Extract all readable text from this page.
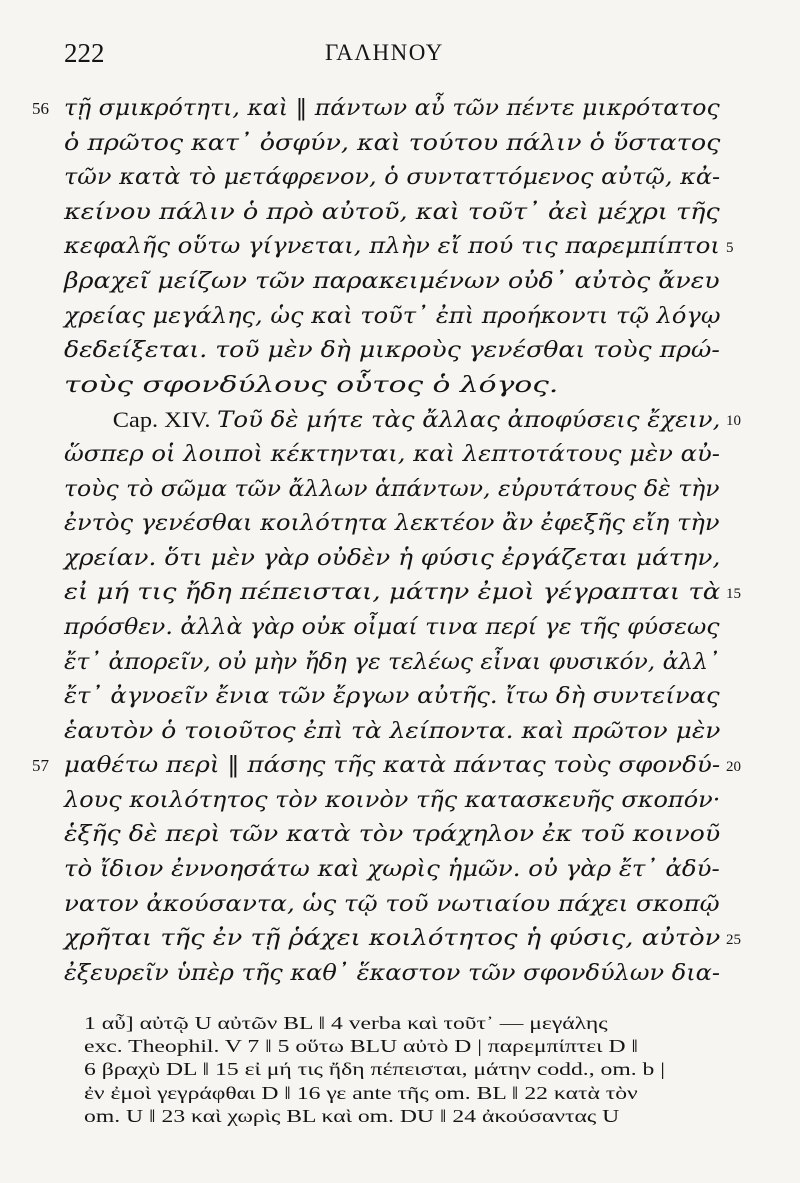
222	ΓΑΛΗΝΟΥ
56 τῇ σμικρότητι, καὶ ‖ πάντων αὖ τῶν πέντε μικρότατος
ὁ πρῶτος κατ᾽ ὀσφύν, καὶ τούτου πάλιν ὁ ὕστατος
τῶν κατὰ τὸ μετάφρενον, ὁ συνταττόμενος αὐτῷ, κἀ-
κείνου πάλιν ὁ πρὸ αὐτοῦ, καὶ τοῦτ᾽ ἀεὶ μέχρι τῆς
κεφαλῆς οὕτω γίγνεται, πλὴν εἴ πού τις παρεμπίπτοι 5
βραχεῖ μείζων τῶν παρακειμένων οὐδ᾽ αὐτὸς ἄνευ
χρείας μεγάλης, ὡς καὶ τοῦτ᾽ ἐπὶ προήκοντι τῷ λόγῳ
δεδείξεται. τοῦ μὲν δὴ μικροὺς γενέσθαι τοὺς πρώ-
τοὺς σφονδύλους οὗτος ὁ λόγος.
Cap. XIV. Τοῦ δὲ μήτε τὰς ἄλλας ἀποφύσεις ἔχειν, 10
ὥσπερ οἱ λοιποὶ κέκτηνται, καὶ λεπτοτάτους μὲν αὐ-
τοὺς τὸ σῶμα τῶν ἄλλων ἁπάντων, εὐρυτάτους δὲ τὴν
ἐντὸς γενέσθαι κοιλότητα λεκτέον ἂν ἐφεξῆς εἴη τὴν
χρείαν. ὅτι μὲν γὰρ οὐδὲν ἡ φύσις ἐργάζεται μάτην,
εἰ μή τις ἤδη πέπεισται, μάτην ἐμοὶ γέγραπται τὰ 15
πρόσθεν. ἀλλὰ γὰρ οὐκ οἶμαί τινα περί γε τῆς φύσεως
ἔτ᾽ ἀπορεῖν, οὐ μὴν ἤδη γε τελέως εἶναι φυσικόν, ἀλλ᾽
ἔτ᾽ ἀγνοεῖν ἔνια τῶν ἔργων αὐτῆς. ἴτω δὴ συντείνας
ἑαυτὸν ὁ τοιοῦτος ἐπὶ τὰ λείποντα. καὶ πρῶτον μὲν
57 μαθέτω περὶ ‖ πάσης τῆς κατὰ πάντας τοὺς σφονδύ- 20
λους κοιλότητος τὸν κοινὸν τῆς κατασκευῆς σκοπόν·
ἑξῆς δὲ περὶ τῶν κατὰ τὸν τράχηλον ἐκ τοῦ κοινοῦ
τὸ ἴδιον ἐννοησάτω καὶ χωρὶς ἡμῶν. οὐ γὰρ ἔτ᾽ ἀδύ-
νατον ἀκούσαντα, ὡς τῷ τοῦ νωτιαίου πάχει σκοπῷ
χρῆται τῆς ἐν τῇ ῥάχει κοιλότητος ἡ φύσις, αὐτὸν 25
ἐξευρεῖν ὑπὲρ τῆς καθ᾽ ἕκαστον τῶν σφονδύλων δια-
1 αὖ] αὐτῷ U αὐτῶν BL ‖ 4 verba καὶ τοῦτ᾽ — μεγάλης
exc. Theophil. V 7 ‖ 5 οὕτω BLU αὐτὸ D | παρεμπίπτει D ‖
6 βραχὺ DL ‖ 15 εἰ μή τις ἤδη πέπεισται, μάτην codd., om. b |
ἐν ἐμοὶ γεγράφθαι D ‖ 16 γε ante τῆς om. BL ‖ 22 κατὰ τὸν
om. U ‖ 23 καὶ χωρὶς BL καὶ om. DU ‖ 24 ἀκούσαντας U
